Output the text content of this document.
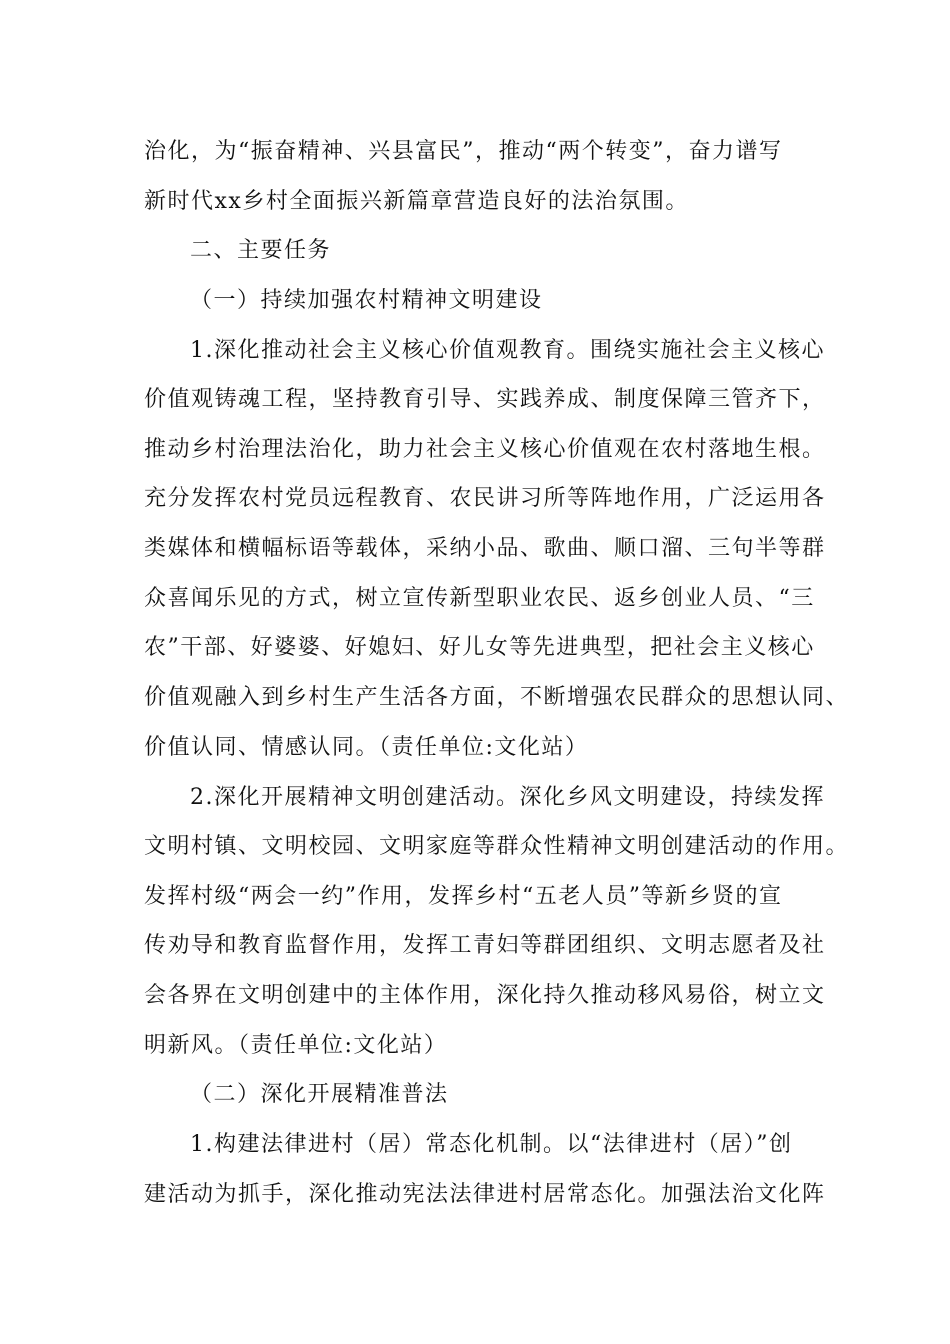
治化，为“振奋精神、兴县富民”，推动“两个转变”，奋力谱写
新时代xx乡村全面振兴新篇章营造良好的法治氛围。
二、主要任务
（一）持续加强农村精神文明建设
1.深化推动社会主义核心价值观教育。围绕实施社会主义核心
价值观铸魂工程，坚持教育引导、实践养成、制度保障三管齐下，
推动乡村治理法治化，助力社会主义核心价值观在农村落地生根。
充分发挥农村党员远程教育、农民讲习所等阵地作用，广泛运用各
类媒体和横幅标语等载体，采纳小品、歌曲、顺口溜、三句半等群
众喜闻乐见的方式，树立宣传新型职业农民、返乡创业人员、“三
农”干部、好婆婆、好媳妇、好儿女等先进典型，把社会主义核心
价值观融入到乡村生产生活各方面，不断增强农民群众的思想认同、
价值认同、情感认同。（责任单位:文化站）
2.深化开展精神文明创建活动。深化乡风文明建设，持续发挥
文明村镇、文明校园、文明家庭等群众性精神文明创建活动的作用。
发挥村级“两会一约”作用，发挥乡村“五老人员”等新乡贤的宣
传劝导和教育监督作用，发挥工青妇等群团组织、文明志愿者及社
会各界在文明创建中的主体作用，深化持久推动移风易俗，树立文
明新风。（责任单位:文化站）
（二）深化开展精准普法
1.构建法律进村（居）常态化机制。以“法律进村（居）”创
建活动为抓手，深化推动宪法法律进村居常态化。加强法治文化阵
